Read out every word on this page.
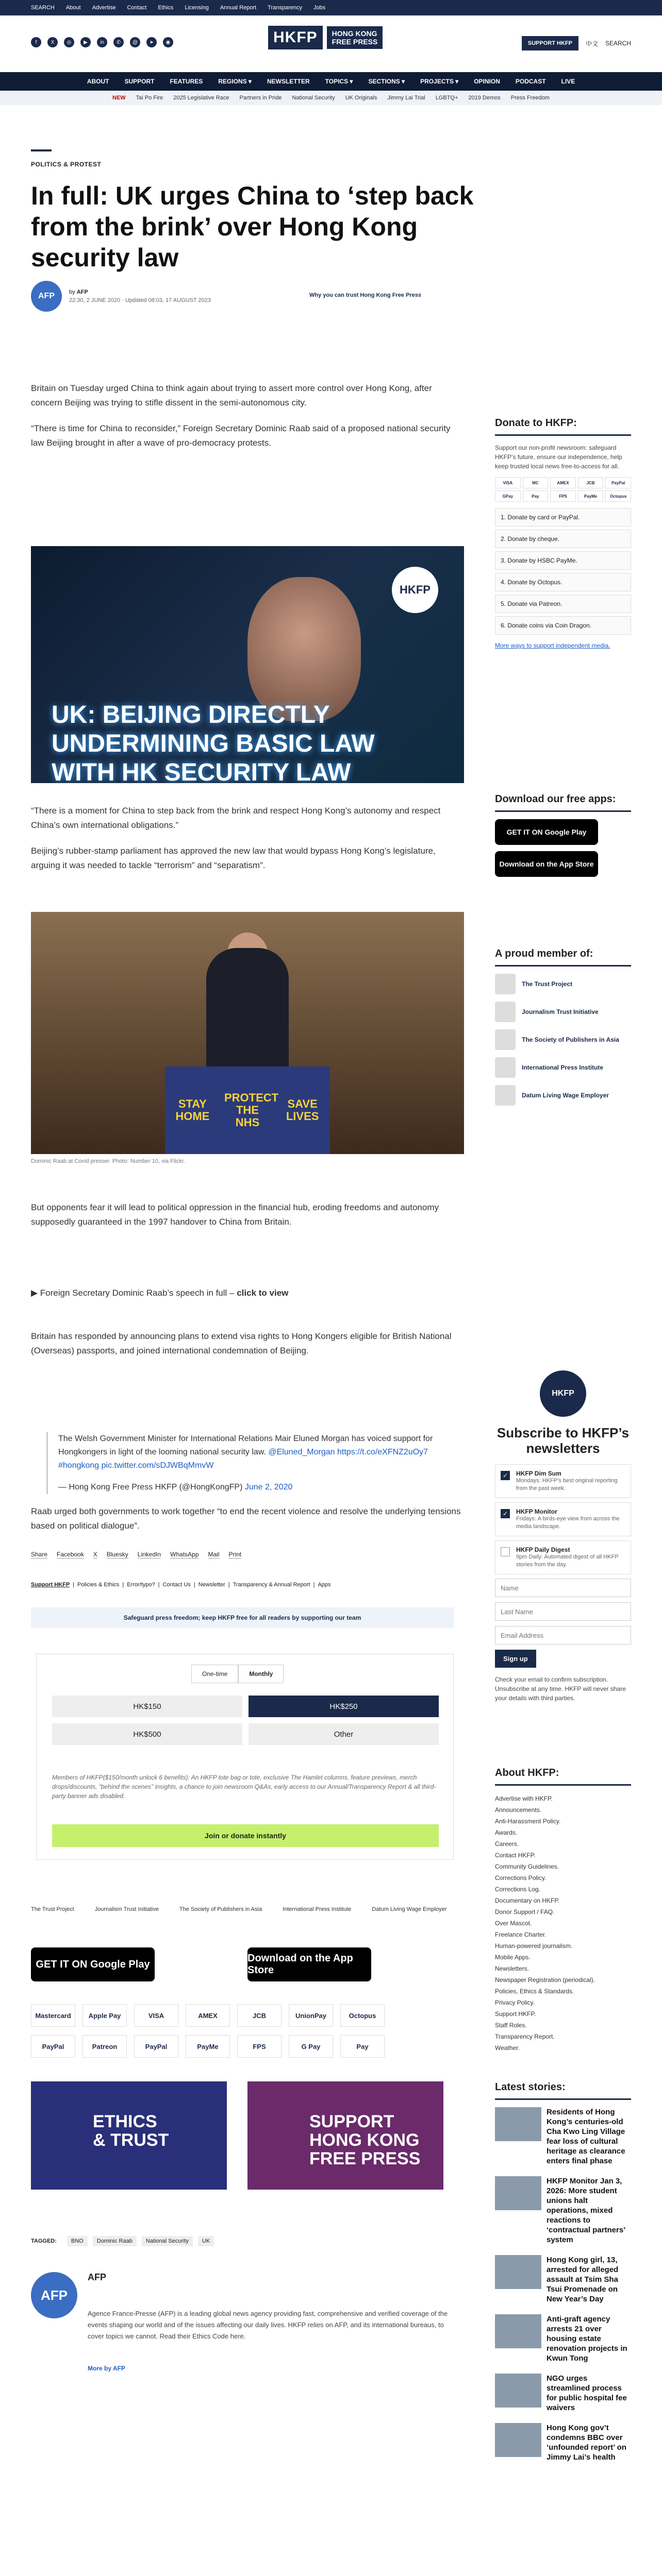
SEARCH About Advertise Contact Ethics Licensing Annual Report Transparency Jobs
f	X	◎	▶	in	✆	@	➤	◉	HKFP	HONG KONG
FREE PRESS	SUPPORT HKFP	中文 SEARCH
ABOUT	SUPPORT	FEATURES	REGIONS ▾	NEWSLETTER	TOPICS ▾	SECTIONS ▾	PROJECTS ▾	OPINION	PODCAST	LIVE
NEW Tai Po Fire 2025 Legislative Race Partners in Pride National Security UK Originals Jimmy Lai Trial LGBTQ+ 2019 Demos Press Freedom
POLITICS & PROTEST
In full: UK urges China to ‘step back from the brink’ over Hong Kong security law
AFP	by AFP
22:30, 2 JUNE 2020 · Updated 08:03, 17 AUGUST 2023
Why you can trust Hong Kong Free Press

Britain on Tuesday urged China to think again about trying to assert more control over Hong Kong, after concern Beijing was trying to stifle dissent in the semi-autonomous city.

“There is time for China to reconsider,” Foreign Secretary Dominic Raab said of a proposed national security law Beijing brought in after a wave of pro-democracy protests.

HKFP
UK: BEIJING DIRECTLY
UNDERMINING BASIC LAW
WITH HK SECURITY LAW

“There is a moment for China to step back from the brink and respect Hong Kong’s autonomy and respect China’s own international obligations.”

Beijing’s rubber-stamp parliament has approved the new law that would bypass Hong Kong’s legislature, arguing it was needed to tackle “terrorism” and “separatism”.

STAY HOME
PROTECT THE NHS
SAVE LIVES
Dominic Raab at Covid presser. Photo: Number 10, via Flickr.

But opponents fear it will lead to political oppression in the financial hub, eroding freedoms and autonomy supposedly guaranteed in the 1997 handover to China from Britain.

▶ Foreign Secretary Dominic Raab’s speech in full – click to view

Britain has responded by announcing plans to extend visa rights to Hong Kongers eligible for British National (Overseas) passports, and joined international condemnation of Beijing.

The Welsh Government Minister for International Relations Mair Eluned Morgan has voiced support for Hongkongers in light of the looming national security law. @Eluned_Morgan https://t.co/eXFNZ2uOy7 #hongkong pic.twitter.com/sDJWBqMmvW

— Hong Kong Free Press HKFP (@HongKongFP) June 2, 2020

Raab urged both governments to work together “to end the recent violence and resolve the underlying tensions based on political dialogue”.

Share Facebook X Bluesky LinkedIn WhatsApp Mail Print
Support HKFP | Policies & Ethics | Error/typo? | Contact Us | Newsletter | Transparency & Annual Report | Apps
Safeguard press freedom; keep HKFP free for all readers by supporting our team
One-time	Monthly
HK$150	HK$250
HK$500	Other
Members of HKFP($150/month unlock 6 benefits): An HKFP tote bag or tote, exclusive The Hamlet columns, feature previews, merch drops/discounts, “behind the scenes” insights, a chance to join newsroom Q&As, early access to our Annual/Transparency Report & all third-party banner ads disabled.
Join or donate instantly
The Trust Project	Journalism Trust Initiative	The Society of Publishers in Asia	International Press Institute	Datum Living Wage Employer
GET IT ON Google Play
Download on the App Store
Mastercard	Apple Pay	VISA	AMEX	JCB	UnionPay	Octopus
PayPal	Patreon	PayPal	PayMe	FPS	G Pay	Pay
ETHICS
& TRUST
SUPPORT HONG KONG
FREE PRESS
TAGGED:	BNO	Dominic Raab	National Security	UK
AFP
AFP
Agence France-Presse (AFP) is a leading global news agency providing fast, comprehensive and verified coverage of the events shaping our world and of the issues affecting our daily lives. HKFP relies on AFP, and its international bureaus, to cover topics we cannot. Read their Ethics Code here.
More by AFP
Donate to HKFP:

Support our non-profit newsroom: safeguard HKFP’s future, ensure our independence, help keep trusted local news free-to-access for all.

VISA	MC	AMEX	JCB	PayPal
GPay	Pay	FPS	PayMe	Octopus
1. Donate by card or PayPal.
2. Donate by cheque.
3. Donate by HSBC PayMe.
4. Donate by Octopus.
5. Donate via Patreon.
6. Donate coins via Coin Dragon.

More ways to support independent media.

Download our free apps:
GET IT ON Google Play
Download on the App Store
A proud member of:
The Trust Project
Journalism Trust Initiative
The Society of Publishers in Asia
International Press Institute
Datum Living Wage Employer
HKFP
Subscribe to HKFP’s newsletters
✓	HKFP Dim Sum
Mondays: HKFP’s best original reporting from the past week.
✓	HKFP Monitor
Fridays: A birds-eye view from across the media landscape.
HKFP Daily Digest
9pm Daily: Automated digest of all HKFP stories from the day.
Name Last Name Email Address Sign up

Check your email to confirm subscription. Unsubscribe at any time. HKFP will never share your details with third parties.

About HKFP:
Advertise with HKFP.
Announcements.
Anti-Harassment Policy.
Awards.
Careers.
Contact HKFP.
Community Guidelines.
Corrections Policy.
Corrections Log.
Documentary on HKFP.
Donor Support / FAQ.
Over Mascot.
Freelance Charter.
Human-powered journalism.
Mobile Apps.
Newsletters.
Newspaper Registration (periodical).
Policies, Ethics & Standards.
Privacy Policy.
Support HKFP.
Staff Roles.
Transparency Report.
Weather.
Latest stories:
Residents of Hong Kong’s centuries-old Cha Kwo Ling Village fear loss of cultural heritage as clearance enters final phase
HKFP Monitor Jan 3, 2026: More student unions halt operations, mixed reactions to ‘contractual partners’ system
Hong Kong girl, 13, arrested for alleged assault at Tsim Sha Tsui Promenade on New Year’s Day
Anti-graft agency arrests 21 over housing estate renovation projects in Kwun Tong
NGO urges streamlined process for public hospital fee waivers
Hong Kong gov’t condemns BBC over ‘unfounded report’ on Jimmy Lai’s health
